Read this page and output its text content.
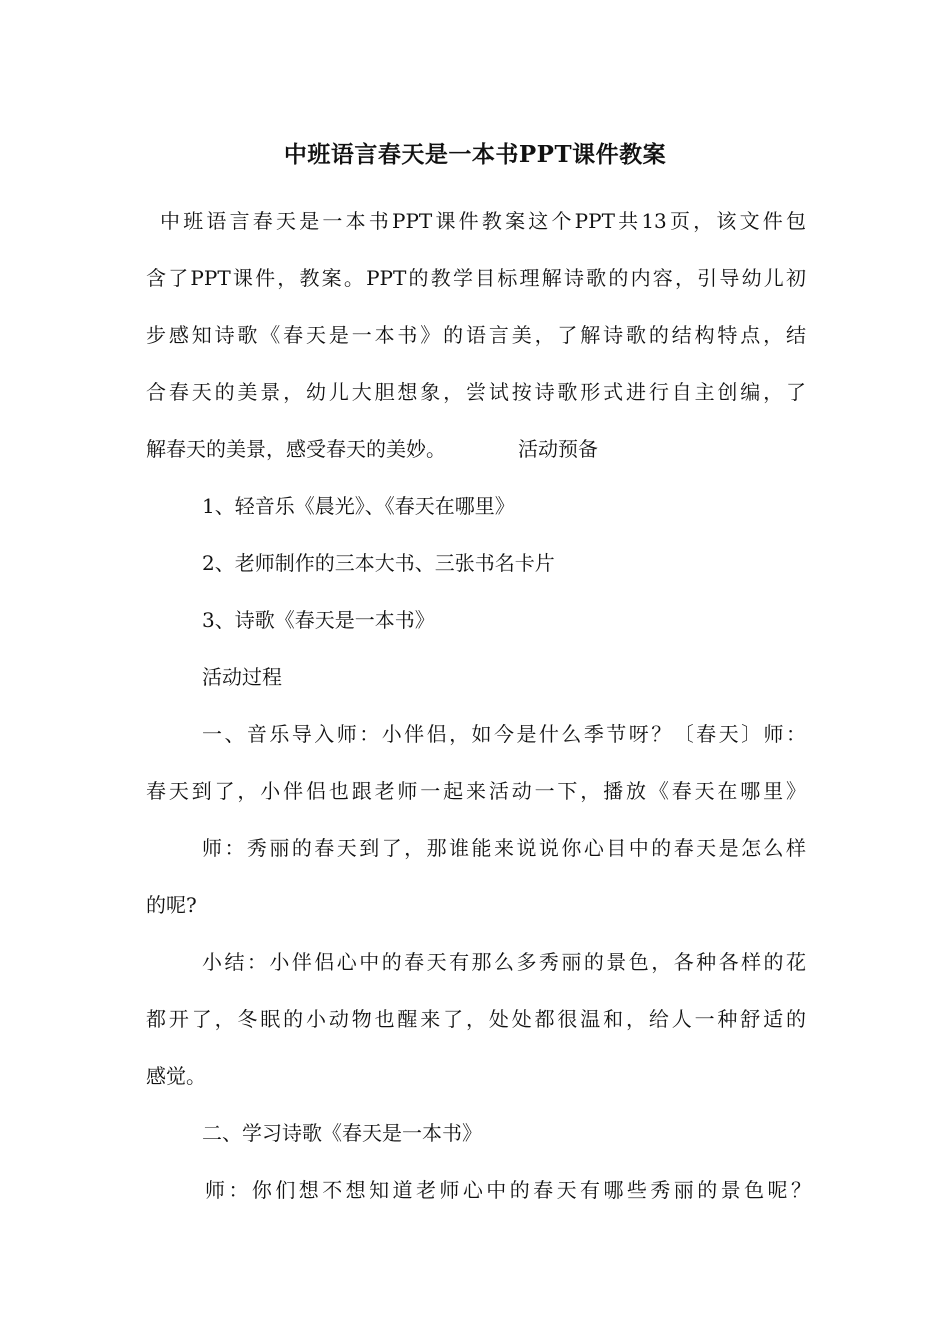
中班语言春天是一本书PPT课件教案
中班语言春天是一本书PPT课件教案这个PPT共13页，该文件包
含了PPT课件，教案。PPT的教学目标理解诗歌的内容，引导幼儿初
步感知诗歌《春天是一本书》的语言美，了解诗歌的结构特点，结
合春天的美景，幼儿大胆想象，尝试按诗歌形式进行自主创编，了
解春天的美景，感受春天的美妙。	活动预备
1、轻音乐《晨光》、《春天在哪里》
2、老师制作的三本大书、三张书名卡片
3、诗歌《春天是一本书》
活动过程
一、音乐导入师：小伴侣，如今是什么季节呀？〔春天〕师：
春天到了，小伴侣也跟老师一起来活动一下，播放《春天在哪里》
师：秀丽的春天到了，那谁能来说说你心目中的春天是怎么样
的呢?
小结：小伴侣心中的春天有那么多秀丽的景色，各种各样的花
都开了，冬眠的小动物也醒来了，处处都很温和，给人一种舒适的
感觉。
二、学习诗歌《春天是一本书》
师：你们想不想知道老师心中的春天有哪些秀丽的景色呢？
